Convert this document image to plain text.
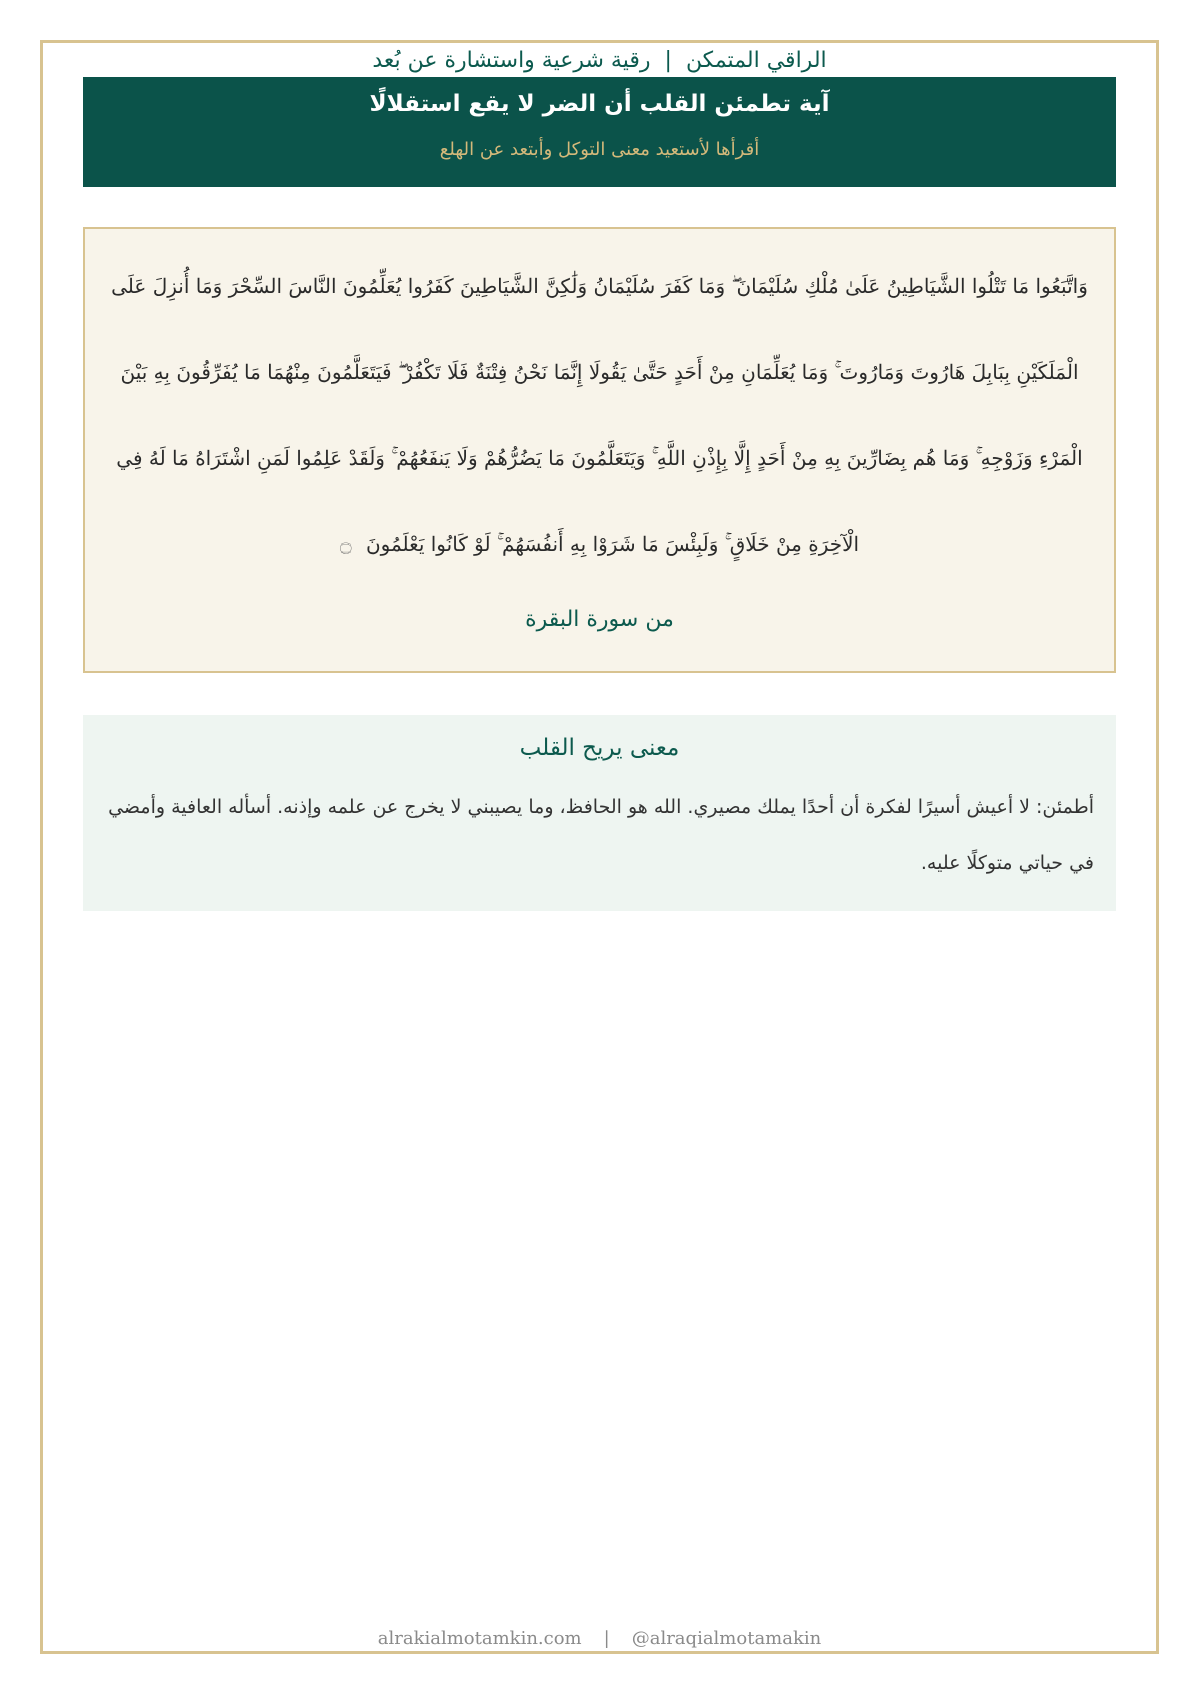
الراقي المتمكن
|
رقية شرعية واستشارة عن بُعد
آية تطمئن القلب أن الضر لا يقع استقلالًا
أقرأها لأستعيد معنى التوكل وأبتعد عن الهلع
وَاتَّبَعُوا مَا تَتْلُوا الشَّيَاطِينُ عَلَىٰ مُلْكِ سُلَيْمَانَ ۖ وَمَا كَفَرَ سُلَيْمَانُ وَلَٰكِنَّ الشَّيَاطِينَ كَفَرُوا يُعَلِّمُونَ النَّاسَ السِّحْرَ وَمَا أُنزِلَ عَلَى الْمَلَكَيْنِ بِبَابِلَ هَارُوتَ وَمَارُوتَ ۚ وَمَا يُعَلِّمَانِ مِنْ أَحَدٍ حَتَّىٰ يَقُولَا إِنَّمَا نَحْنُ فِتْنَةٌ فَلَا تَكْفُرْ ۖ فَيَتَعَلَّمُونَ مِنْهُمَا مَا يُفَرِّقُونَ بِهِ بَيْنَ الْمَرْءِ وَزَوْجِهِ ۚ وَمَا هُم بِضَارِّينَ بِهِ مِنْ أَحَدٍ إِلَّا بِإِذْنِ اللَّهِ ۚ وَيَتَعَلَّمُونَ مَا يَضُرُّهُمْ وَلَا يَنفَعُهُمْ ۚ وَلَقَدْ عَلِمُوا لَمَنِ اشْتَرَاهُ مَا لَهُ فِي الْآخِرَةِ مِنْ خَلَاقٍ ۚ وَلَبِئْسَ مَا شَرَوْا بِهِ أَنفُسَهُمْ ۚ لَوْ كَانُوا يَعْلَمُونَ ۝
من سورة البقرة
معنى يريح القلب
أطمئن: لا أعيش أسيرًا لفكرة أن أحدًا يملك مصيري. الله هو الحافظ، وما يصيبني لا يخرج عن علمه وإذنه. أسأله العافية وأمضي في حياتي متوكلًا عليه.
alrakialmotamkin.com | @alraqialmotamakin
